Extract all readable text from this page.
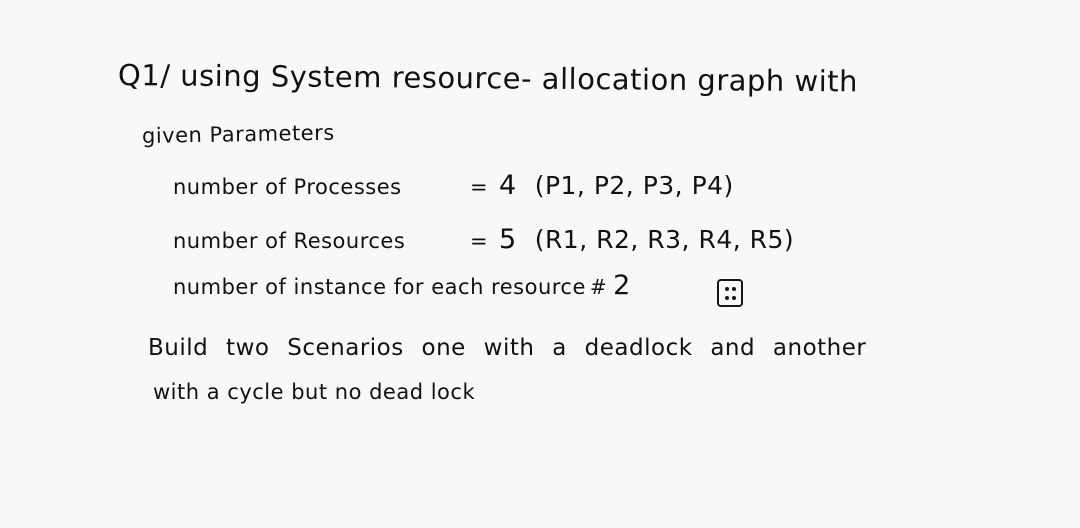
Q1/ using System resource- allocation graph with
given Parameters
number of Processes	= 4 (P1, P2, P3, P4)
number of Resources	= 5 (R1, R2, R3, R4, R5)
number of instance for each resource # 2
Build two Scenarios one with a deadlock and another
with a cycle but no dead lock
